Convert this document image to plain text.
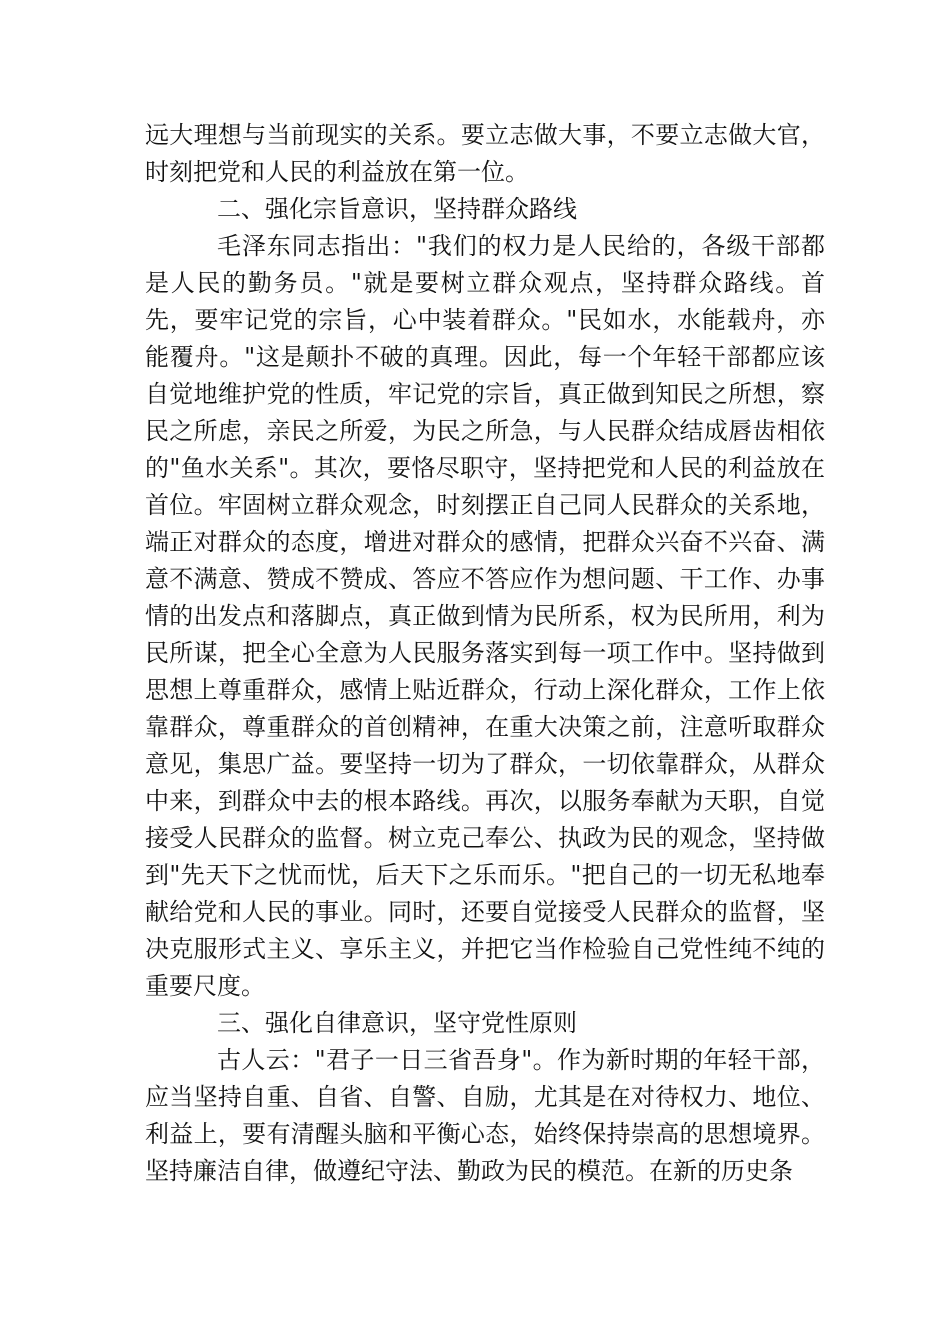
远大理想与当前现实的关系。要立志做大事，不要立志做大官，时刻把党和人民的利益放在第一位。

二、强化宗旨意识，坚持群众路线

毛泽东同志指出："我们的权力是人民给的，各级干部都是人民的勤务员。"就是要树立群众观点，坚持群众路线。首先，要牢记党的宗旨，心中装着群众。"民如水，水能载舟，亦能覆舟。"这是颠扑不破的真理。因此，每一个年轻干部都应该自觉地维护党的性质，牢记党的宗旨，真正做到知民之所想，察民之所虑，亲民之所爱，为民之所急，与人民群众结成唇齿相依的"鱼水关系"。其次，要恪尽职守，坚持把党和人民的利益放在首位。牢固树立群众观念，时刻摆正自己同人民群众的关系地，端正对群众的态度，增进对群众的感情，把群众兴奋不兴奋、满意不满意、赞成不赞成、答应不答应作为想问题、干工作、办事情的出发点和落脚点，真正做到情为民所系，权为民所用，利为民所谋，把全心全意为人民服务落实到每一项工作中。坚持做到思想上尊重群众，感情上贴近群众，行动上深化群众，工作上依靠群众，尊重群众的首创精神，在重大决策之前，注意听取群众意见，集思广益。要坚持一切为了群众，一切依靠群众，从群众中来，到群众中去的根本路线。再次，以服务奉献为天职，自觉接受人民群众的监督。树立克己奉公、执政为民的观念，坚持做到"先天下之忧而忧，后天下之乐而乐。"把自己的一切无私地奉献给党和人民的事业。同时，还要自觉接受人民群众的监督，坚决克服形式主义、享乐主义，并把它当作检验自己党性纯不纯的重要尺度。

三、强化自律意识，坚守党性原则

古人云："君子一日三省吾身"。作为新时期的年轻干部，应当坚持自重、自省、自警、自励，尤其是在对待权力、地位、利益上，要有清醒头脑和平衡心态，始终保持崇高的思想境界。坚持廉洁自律，做遵纪守法、勤政为民的模范。在新的历史条
